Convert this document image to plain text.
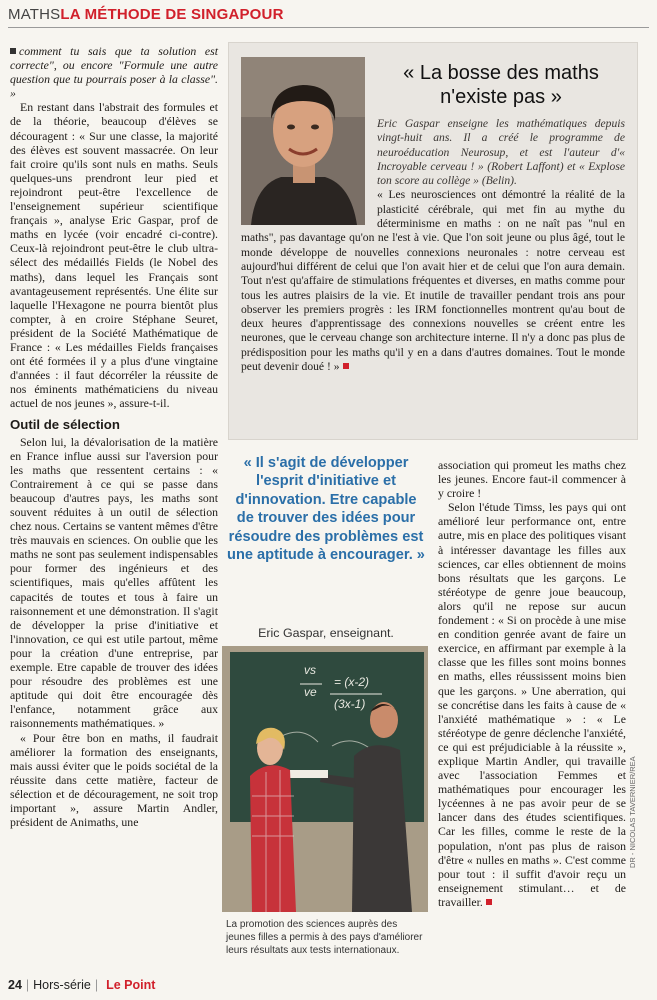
MATHSLA MÉTHODE DE SINGAPOUR

comment tu sais que ta solution est correcte", ou encore "Formule une autre question que tu pourrais poser à la classe". »

En restant dans l'abstrait des formules et de la théorie, beaucoup d'élèves se découragent : « Sur une classe, la majorité des élèves est souvent massacrée. On leur fait croire qu'ils sont nuls en maths. Seuls quelques-uns prendront leur pied et rejoindront peut-être l'excellence de l'enseignement supérieur scientifique français », analyse Eric Gaspar, prof de maths en lycée (voir encadré ci-contre). Ceux-là rejoindront peut-être le club ultra-sélect des médaillés Fields (le Nobel des maths), dans lequel les Français sont avantageusement représentés. Une élite sur laquelle l'Hexagone ne pourra bientôt plus compter, à en croire Stéphane Seuret, président de la Société Mathématique de France : « Les médailles Fields françaises ont été formées il y a plus d'une vingtaine d'années : il faut décorréler la réussite de nos éminents mathématiciens du niveau actuel de nos jeunes », assure-t-il.

Outil de sélection

Selon lui, la dévalorisation de la matière en France influe aussi sur l'aversion pour les maths que ressentent certains : « Contrairement à ce qui se passe dans beaucoup d'autres pays, les maths sont souvent réduites à un outil de sélection chez nous. Certains se vantent mêmes d'être très mauvais en sciences. On oublie que les maths ne sont pas seulement indispensables pour former des ingénieurs et des scientifiques, mais qu'elles affûtent les capacités de toutes et tous à faire un raisonnement et une démonstration. Il s'agit de développer la prise d'initiative et l'innovation, ce qui est utile partout, même pour la création d'une entreprise, par exemple. Etre capable de trouver des idées pour résoudre des problèmes est une aptitude qui doit être encouragée dès l'enfance, notamment grâce aux raisonnements mathématiques. »

« Pour être bon en maths, il faudrait améliorer la formation des enseignants, mais aussi éviter que le poids sociétal de la réussite dans cette matière, facteur de sélection et de découragement, ne soit trop important », assure Martin Andler, président de Animaths, une

« La bosse des maths n'existe pas »

Eric Gaspar enseigne les mathématiques depuis vingt-huit ans. Il a créé le programme de neuroéducation Neurosup, et est l'auteur d'« Incroyable cerveau ! » (Robert Laffont) et « Explose ton score au collège » (Belin).

« Les neurosciences ont démontré la réalité de la plasticité cérébrale, qui met fin au mythe du déterminisme en maths : on ne naît pas "nul en maths", pas davantage qu'on ne l'est à vie. Que l'on soit jeune ou plus âgé, tout le monde développe de nouvelles connexions neuronales : notre cerveau est aujourd'hui différent de celui que l'on avait hier et de celui que l'on aura demain. Tout n'est qu'affaire de stimulations fréquentes et diverses, en maths comme pour tous les autres plaisirs de la vie. Et inutile de travailler pendant trois ans pour observer les premiers progrès : les IRM fonctionnelles montrent qu'au bout de deux heures d'apprentissage des connexions nouvelles se créent entre les neurones, que le cerveau change son architecture interne. Il n'y a donc pas plus de prédisposition pour les maths qu'il y en a dans d'autres domaines. Tout le monde peut devenir doué ! »

« Il s'agit de développer l'esprit d'initiative et d'innovation. Etre capable de trouver des idées pour résoudre des problèmes est une aptitude à encourager. »
Eric Gaspar, enseignant.
vs
ve
= (x-2)
(3x-1)
La promotion des sciences auprès des jeunes filles a permis à des pays d'améliorer leurs résultats aux tests internationaux.

association qui promeut les maths chez les jeunes. Encore faut-il commencer à y croire !

Selon l'étude Timss, les pays qui ont amélioré leur performance ont, entre autre, mis en place des politiques visant à intéresser davantage les filles aux sciences, car elles obtiennent de moins bons résultats que les garçons. Le stéréotype de genre joue beaucoup, alors qu'il ne repose sur aucun fondement : « Si on procède à une mise en condition genrée avant de faire un exercice, en affirmant par exemple à la classe que les filles sont moins bonnes en maths, elles réussissent moins bien que les garçons. » Une aberration, qui se concrétise dans les faits à cause de « l'anxiété mathématique » : « Le stéréotype de genre déclenche l'anxiété, ce qui est préjudiciable à la réussite », explique Martin Andler, qui travaille avec l'association Femmes et mathématiques pour encourager les lycéennes à ne pas avoir peur de se lancer dans des études scientifiques. Car les filles, comme le reste de la population, n'ont pas plus de raison d'être « nulles en maths ». C'est comme pour tout : il suffit d'avoir reçu un enseignement stimulant… et de travailler.

DR - NICOLAS TAVERNIER/REA
24 | Hors-série | Le Point
